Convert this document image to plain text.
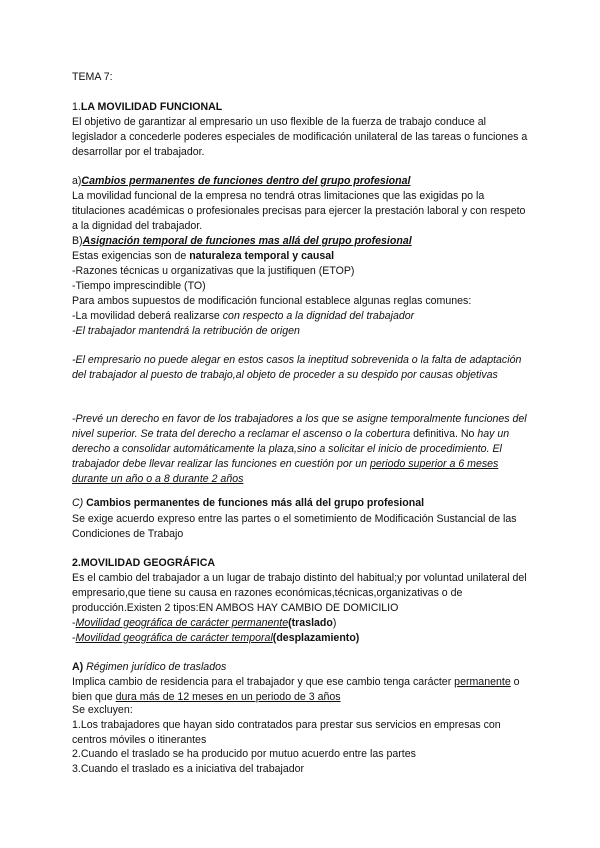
TEMA 7:

1.LA MOVILIDAD FUNCIONAL

El objetivo de garantizar al empresario un uso flexible de la fuerza de trabajo conduce al legislador a concederle poderes especiales de modificación unilateral de las tareas o funciones a desarrollar por el trabajador.

a)Cambios permanentes de funciones dentro del grupo profesional

La movilidad funcional de la empresa no tendrá otras limitaciones que las exigidas po la titulaciones académicas o profesionales precisas para ejercer la prestación laboral y con respeto a la dignidad del trabajador.

B)Asignación temporal de funciones mas allá del grupo profesional

Estas exigencias son de naturaleza temporal y causal

-Razones técnicas u organizativas que la justifiquen (ETOP)

-Tiempo imprescindible (TO)

Para ambos supuestos de modificación funcional establece algunas reglas comunes:

-La movilidad deberá realizarse con respecto a la dignidad del trabajador

-El trabajador mantendrá la retribución de origen

-El empresario no puede alegar en estos casos la ineptitud sobrevenida o la falta de adaptación del trabajador al puesto de trabajo,al objeto de proceder a su despido por causas objetivas

-Prevé un derecho en favor de los trabajadores a los que se asigne temporalmente funciones del nivel superior. Se trata del derecho a reclamar el ascenso o la cobertura definitiva. No hay un derecho a consolidar automáticamente la plaza,sino a solicitar el inicio de procedimiento. El trabajador debe llevar realizar las funciones en cuestión por un periodo superior a 6 meses durante un año o a 8 durante 2 años

C) Cambios permanentes de funciones más allá del grupo profesional

Se exige acuerdo expreso entre las partes o el sometimiento de Modificación Sustancial de las Condiciones de Trabajo

2.MOVILIDAD GEOGRÁFICA

Es el cambio del trabajador a un lugar de trabajo distinto del habitual;y por voluntad unilateral del empresario,que tiene su causa en razones económicas,técnicas,organizativas o de producción.Existen 2 tipos:EN AMBOS HAY CAMBIO DE DOMICILIO

-Movilidad geográfica de carácter permanente(traslado)

-Movilidad geográfica de carácter temporal(desplazamiento)

A) Régimen jurídico de traslados

Implica cambio de residencia para el trabajador y que ese cambio tenga carácter permanente o bien que dura más de 12 meses en un periodo de 3 años

Se excluyen:

1.Los trabajadores que hayan sido contratados para prestar sus servicios en empresas con centros móviles o itinerantes

2.Cuando el traslado se ha producido por mutuo acuerdo entre las partes

3.Cuando el traslado es a iniciativa del trabajador
